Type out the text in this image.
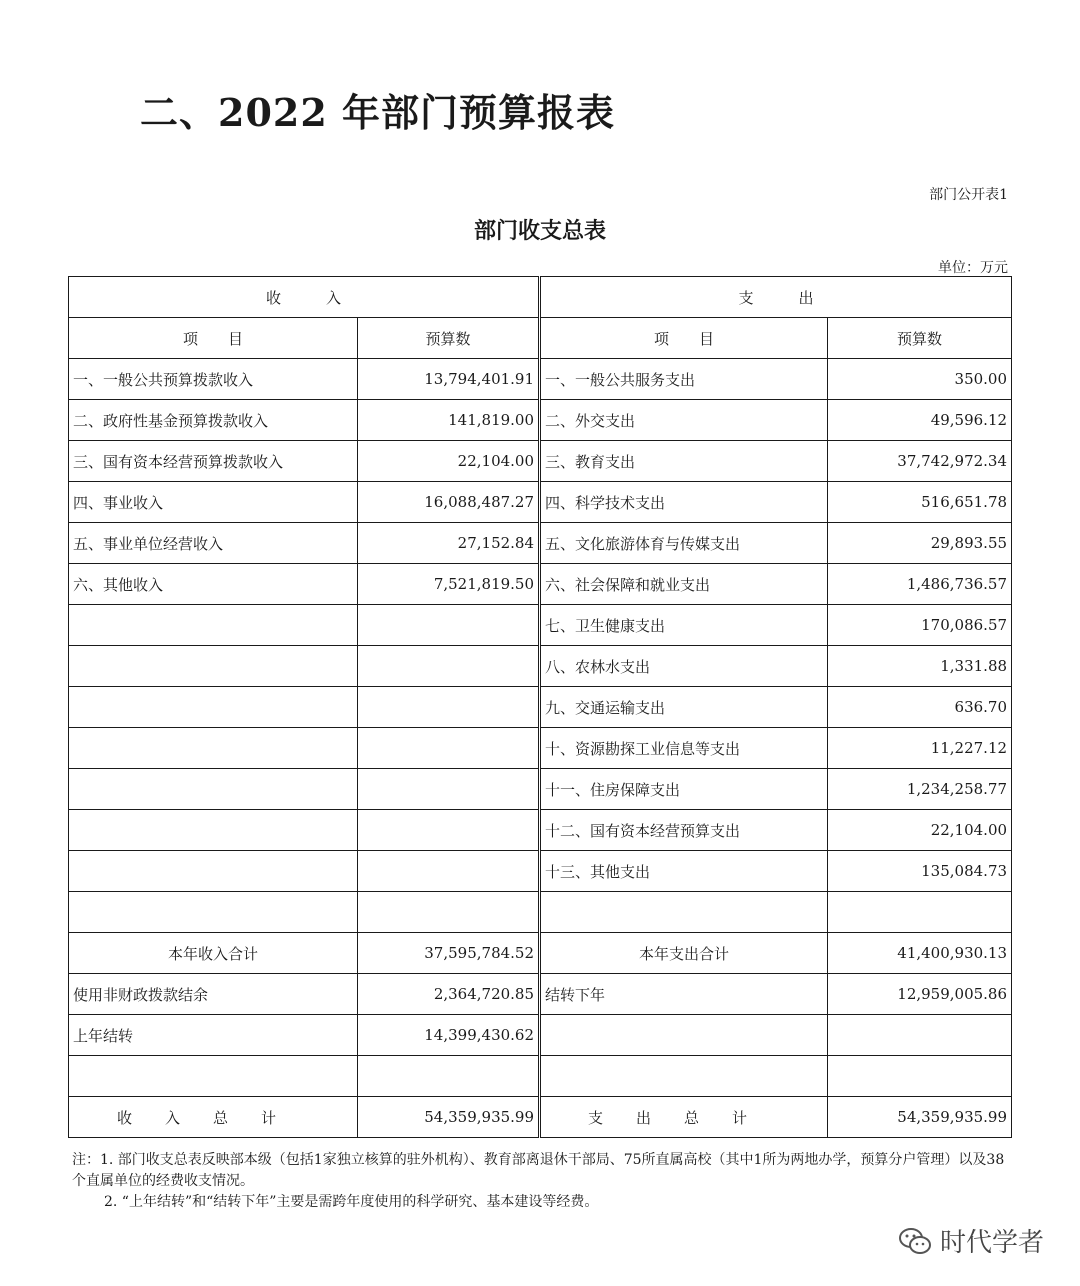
二、2022 年部门预算报表
部门公开表1
部门收支总表
单位：万元
收　　　入		支　　　出	
项　　目	预算数	项　　目	预算数
一、一般公共预算拨款收入	13,794,401.91	一、一般公共服务支出	350.00
二、政府性基金预算拨款收入	141,819.00	二、外交支出	49,596.12
三、国有资本经营预算拨款收入	22,104.00	三、教育支出	37,742,972.34
四、事业收入	16,088,487.27	四、科学技术支出	516,651.78
五、事业单位经营收入	27,152.84	五、文化旅游体育与传媒支出	29,893.55
六、其他收入	7,521,819.50	六、社会保障和就业支出	1,486,736.57
		七、卫生健康支出	170,086.57
		八、农林水支出	1,331.88
		九、交通运输支出	636.70
		十、资源勘探工业信息等支出	11,227.12
		十一、住房保障支出	1,234,258.77
		十二、国有资本经营预算支出	22,104.00
		十三、其他支出	135,084.73

本年收入合计	37,595,784.52	本年支出合计	41,400,930.13
使用非财政拨款结余	2,364,720.85	结转下年	12,959,005.86
上年结转	14,399,430.62		

收入总计	54,359,935.99	支出总计	54,359,935.99
注：1. 部门收支总表反映部本级（包括1家独立核算的驻外机构）、教育部离退休干部局、75所直属高校（其中1所为两地办学，预算分户管理）以及38个直属单位的经费收支情况。
2. “上年结转”和“结转下年”主要是需跨年度使用的科学研究、基本建设等经费。
时代学者
